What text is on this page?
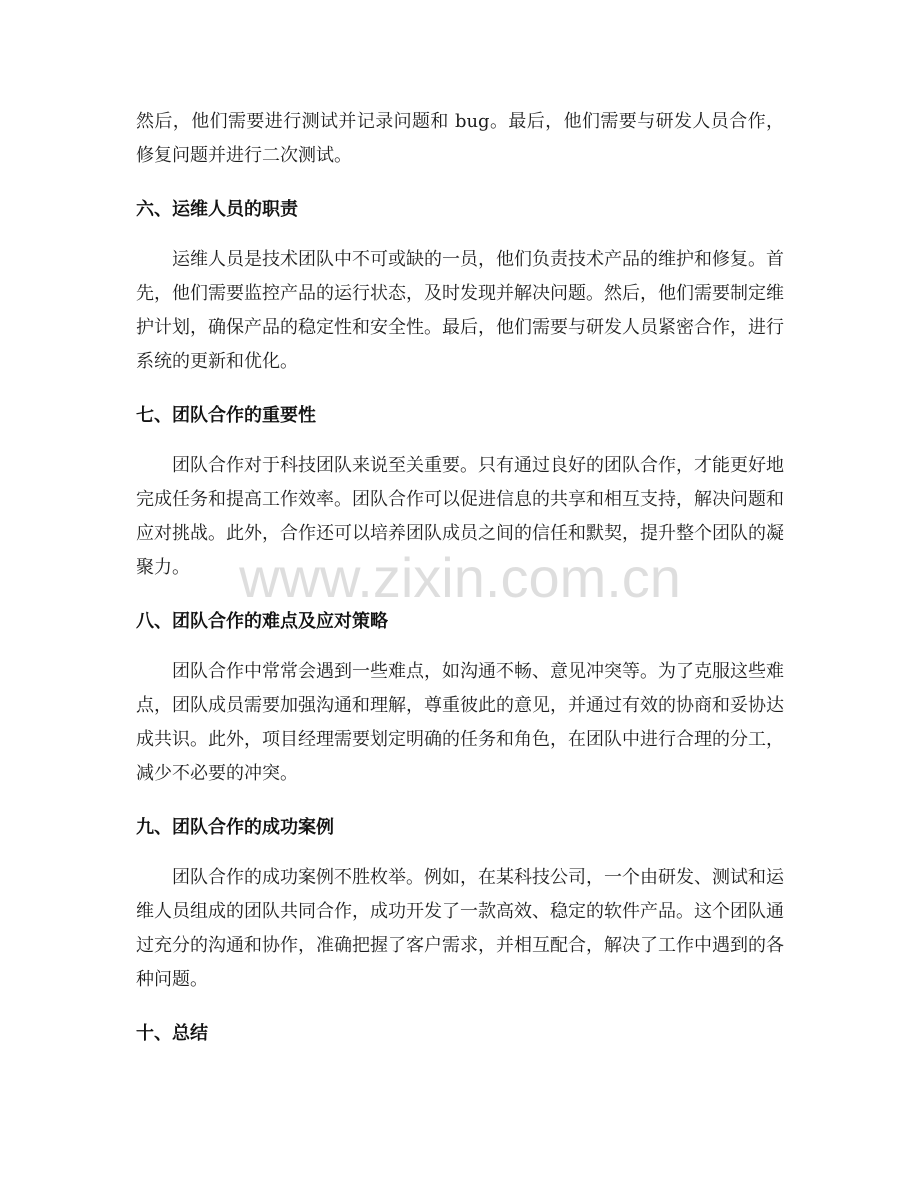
然后，他们需要进行测试并记录问题和 bug。最后，他们需要与研发人员合作，修复问题并进行二次测试。

六、运维人员的职责

运维人员是技术团队中不可或缺的一员，他们负责技术产品的维护和修复。首先，他们需要监控产品的运行状态，及时发现并解决问题。然后，他们需要制定维护计划，确保产品的稳定性和安全性。最后，他们需要与研发人员紧密合作，进行系统的更新和优化。

七、团队合作的重要性

团队合作对于科技团队来说至关重要。只有通过良好的团队合作，才能更好地完成任务和提高工作效率。团队合作可以促进信息的共享和相互支持，解决问题和应对挑战。此外，合作还可以培养团队成员之间的信任和默契，提升整个团队的凝聚力。

八、团队合作的难点及应对策略

团队合作中常常会遇到一些难点，如沟通不畅、意见冲突等。为了克服这些难点，团队成员需要加强沟通和理解，尊重彼此的意见，并通过有效的协商和妥协达成共识。此外，项目经理需要划定明确的任务和角色，在团队中进行合理的分工，减少不必要的冲突。

九、团队合作的成功案例

团队合作的成功案例不胜枚举。例如，在某科技公司，一个由研发、测试和运维人员组成的团队共同合作，成功开发了一款高效、稳定的软件产品。这个团队通过充分的沟通和协作，准确把握了客户需求，并相互配合，解决了工作中遇到的各种问题。

十、总结
www.zixin.com.cn
